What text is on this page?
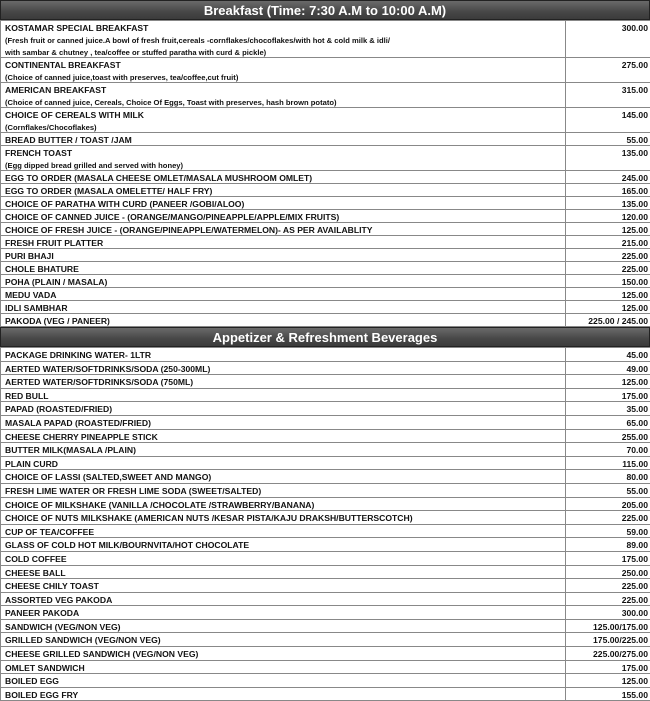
Breakfast (Time: 7:30 A.M to 10:00 A.M)
KOSTAMAR SPECIAL BREAKFAST
(Fresh fruit or canned juice.A bowl of fresh fruit,cereals -cornflakes/chocoflakes/with hot & cold milk & idli/
with sambar & chutney , tea/coffee or stuffed paratha with curd & pickle)	300.00
CONTINENTAL BREAKFAST
(Choice of canned juice,toast with preserves, tea/coffee,cut fruit)	275.00
AMERICAN BREAKFAST
(Choice of canned juice, Cereals, Choice Of Eggs, Toast with preserves, hash brown potato)	315.00
CHOICE OF CEREALS WITH MILK
(Cornflakes/Chocoflakes)	145.00
BREAD BUTTER / TOAST /JAM	55.00
FRENCH TOAST
(Egg dipped bread grilled and served with honey)	135.00
EGG TO ORDER (MASALA CHEESE OMLET/MASALA MUSHROOM OMLET)	245.00
EGG TO ORDER (MASALA OMELETTE/ HALF FRY)	165.00
CHOICE OF PARATHA WITH CURD (PANEER /GOBI/ALOO)	135.00
CHOICE OF CANNED JUICE - (ORANGE/MANGO/PINEAPPLE/APPLE/MIX FRUITS)	120.00
CHOICE OF FRESH JUICE - (ORANGE/PINEAPPLE/WATERMELON)- AS PER AVAILABLITY	125.00
FRESH FRUIT PLATTER	215.00
PURI BHAJI	225.00
CHOLE BHATURE	225.00
POHA (PLAIN / MASALA)	150.00
MEDU VADA	125.00
IDLI SAMBHAR	125.00
PAKODA (VEG / PANEER)	225.00 / 245.00
Appetizer & Refreshment Beverages
PACKAGE DRINKING WATER- 1LTR	45.00
AERTED WATER/SOFTDRINKS/SODA (250-300ML)	49.00
AERTED WATER/SOFTDRINKS/SODA (750ML)	125.00
RED BULL	175.00
PAPAD (ROASTED/FRIED)	35.00
MASALA PAPAD (ROASTED/FRIED)	65.00
CHEESE CHERRY PINEAPPLE STICK	255.00
BUTTER MILK(MASALA /PLAIN)	70.00
PLAIN CURD	115.00
CHOICE OF LASSI (SALTED,SWEET AND MANGO)	80.00
FRESH LIME WATER OR FRESH LIME SODA (SWEET/SALTED)	55.00
CHOICE OF MILKSHAKE (VANILLA /CHOCOLATE /STRAWBERRY/BANANA)	205.00
CHOICE OF NUTS MILKSHAKE (AMERICAN NUTS /KESAR PISTA/KAJU DRAKSH/BUTTERSCOTCH)	225.00
CUP OF TEA/COFFEE	59.00
GLASS OF COLD HOT MILK/BOURNVITA/HOT CHOCOLATE	89.00
COLD COFFEE	175.00
CHEESE BALL	250.00
CHEESE CHILY TOAST	225.00
ASSORTED VEG PAKODA	225.00
PANEER PAKODA	300.00
SANDWICH (VEG/NON VEG)	125.00/175.00
GRILLED SANDWICH (VEG/NON VEG)	175.00/225.00
CHEESE GRILLED SANDWICH (VEG/NON VEG)	225.00/275.00
OMLET SANDWICH	175.00
BOILED EGG	125.00
BOILED EGG FRY	155.00
